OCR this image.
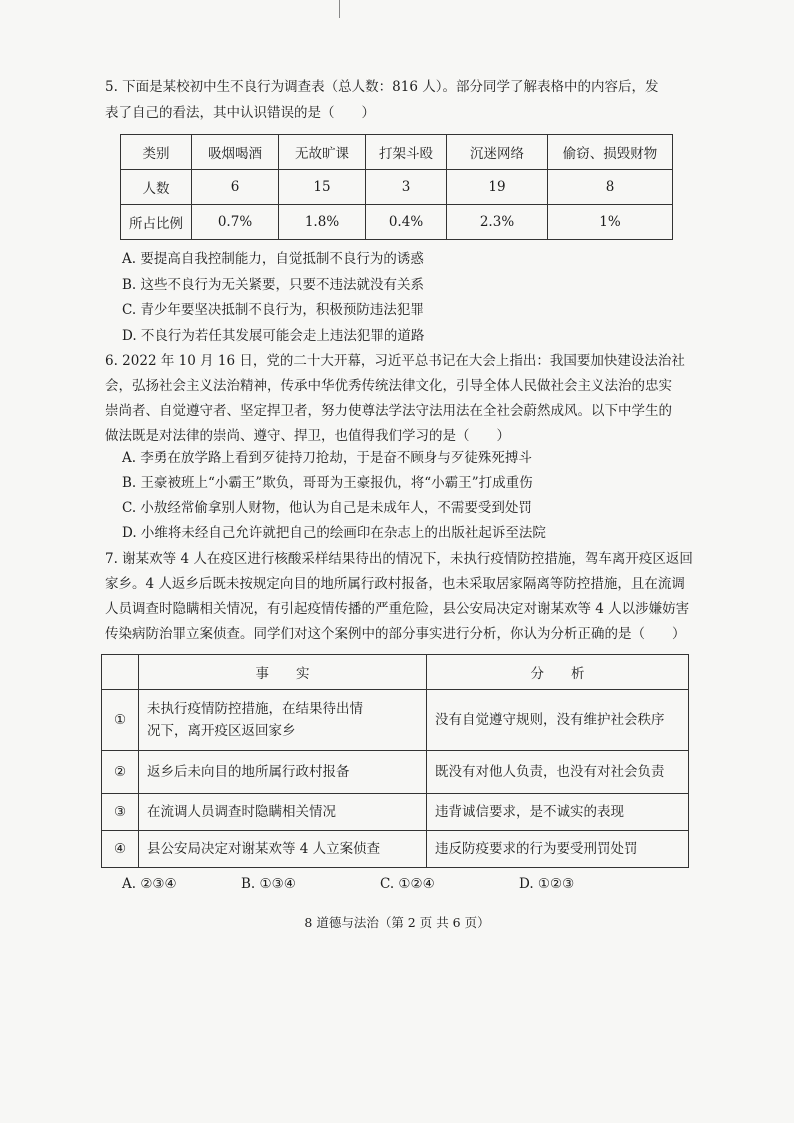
5. 下面是某校初中生不良行为调查表（总人数：816 人）。部分同学了解表格中的内容后，发
表了自己的看法，其中认识错误的是（　　）
类别	吸烟喝酒	无故旷课	打架斗殴	沉迷网络	偷窃、损毁财物
人数	6	15	3	19	8
所占比例	0.7%	1.8%	0.4%	2.3%	1%
A. 要提高自我控制能力，自觉抵制不良行为的诱惑
B. 这些不良行为无关紧要，只要不违法就没有关系
C. 青少年要坚决抵制不良行为，积极预防违法犯罪
D. 不良行为若任其发展可能会走上违法犯罪的道路
6. 2022 年 10 月 16 日，党的二十大开幕，习近平总书记在大会上指出：我国要加快建设法治社
会，弘扬社会主义法治精神，传承中华优秀传统法律文化，引导全体人民做社会主义法治的忠实
崇尚者、自觉遵守者、坚定捍卫者，努力使尊法学法守法用法在全社会蔚然成风。以下中学生的
做法既是对法律的崇尚、遵守、捍卫，也值得我们学习的是（　　）
A. 李勇在放学路上看到歹徒持刀抢劫，于是奋不顾身与歹徒殊死搏斗
B. 王豪被班上“小霸王”欺负，哥哥为王豪报仇，将“小霸王”打成重伤
C. 小敖经常偷拿别人财物，他认为自己是未成年人，不需要受到处罚
D. 小维将未经自己允许就把自己的绘画印在杂志上的出版社起诉至法院
7. 谢某欢等 4 人在疫区进行核酸采样结果待出的情况下，未执行疫情防控措施，驾车离开疫区返回
家乡。4 人返乡后既未按规定向目的地所属行政村报备，也未采取居家隔离等防控措施，且在流调
人员调查时隐瞒相关情况，有引起疫情传播的严重危险，县公安局决定对谢某欢等 4 人以涉嫌妨害
传染病防治罪立案侦查。同学们对这个案例中的部分事实进行分析，你认为分析正确的是（　　）
	事　　实	分　　析
①	未执行疫情防控措施，在结果待出情况下，离开疫区返回家乡	没有自觉遵守规则，没有维护社会秩序
②	返乡后未向目的地所属行政村报备	既没有对他人负责，也没有对社会负责
③	在流调人员调查时隐瞒相关情况	违背诚信要求，是不诚实的表现
④	县公安局决定对谢某欢等 4 人立案侦查	违反防疫要求的行为要受刑罚处罚
A. ②③④	B. ①③④	C. ①②④	D. ①②③
8 道德与法治（第 2 页 共 6 页）
